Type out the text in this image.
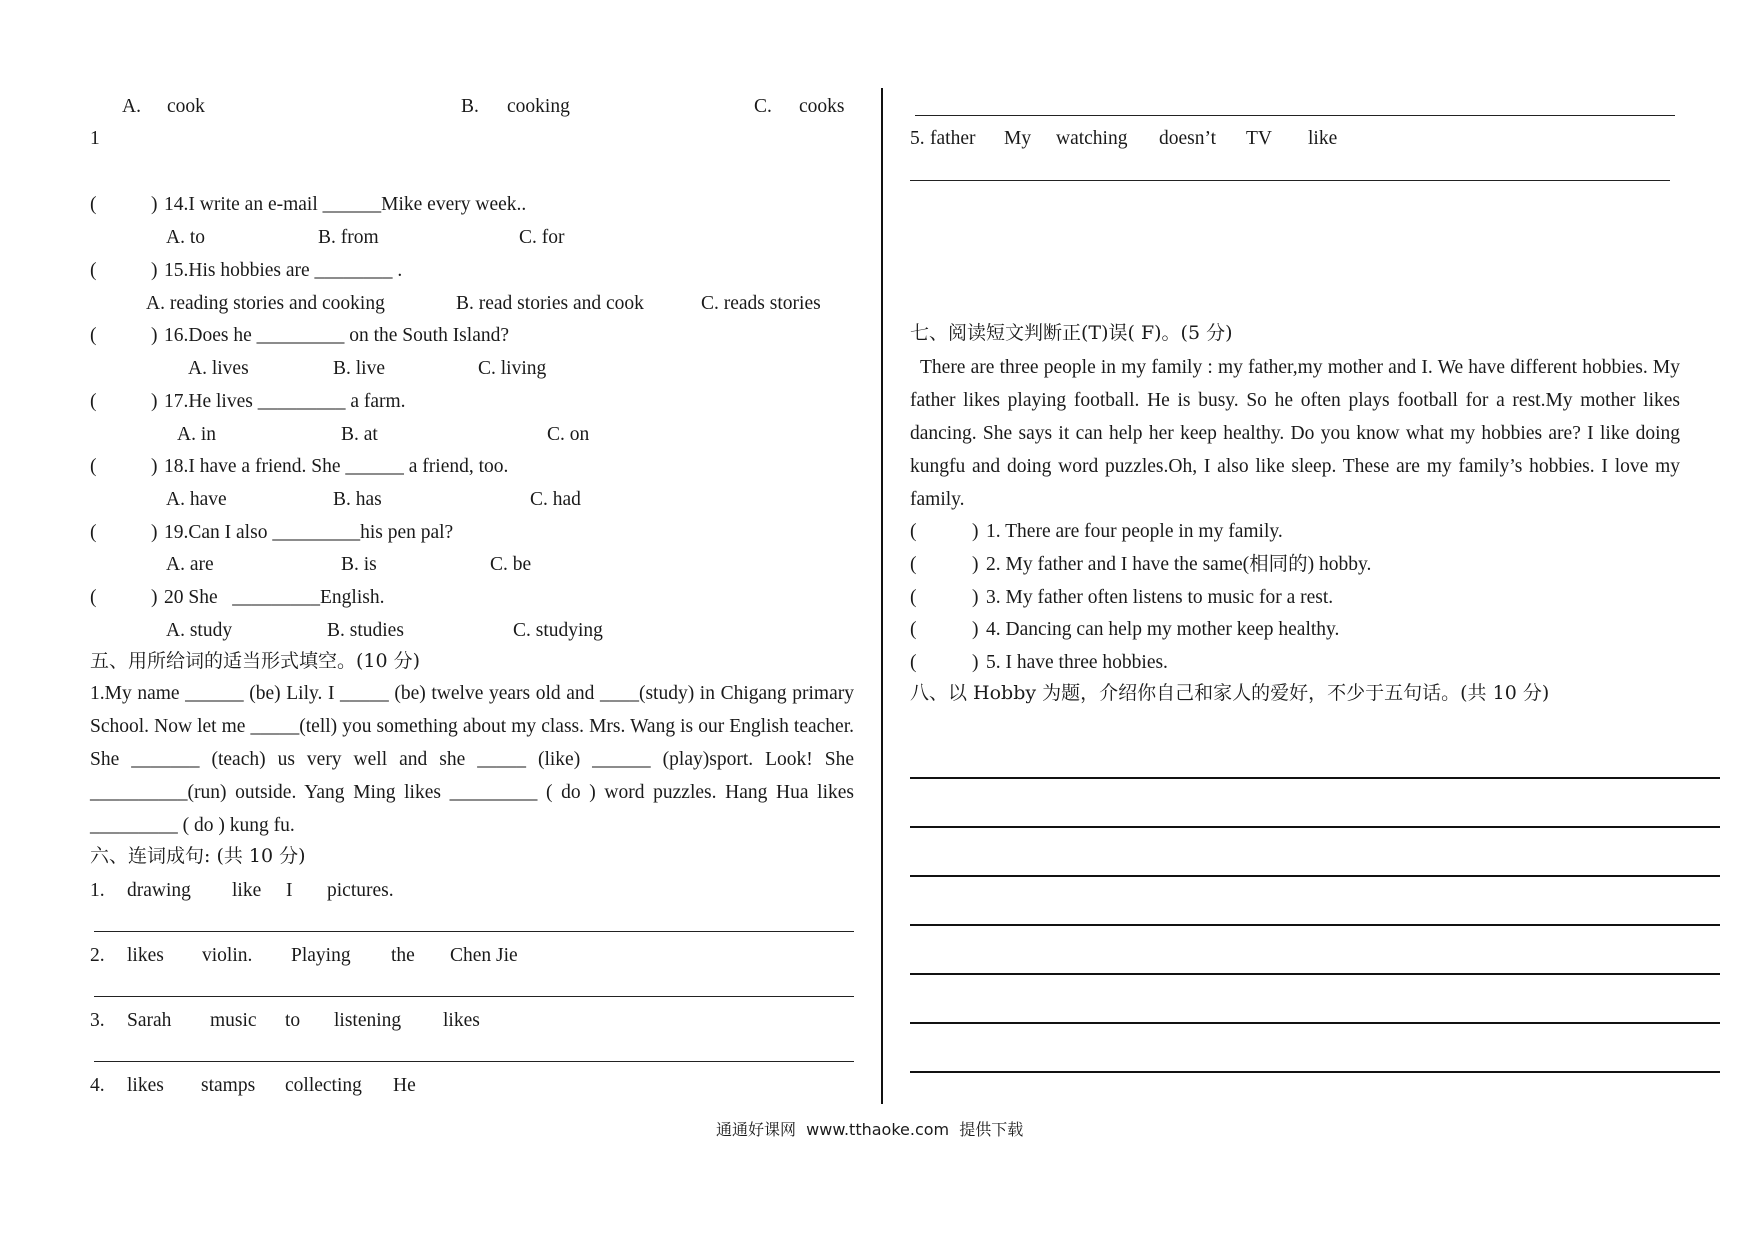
A. cook	B. cooking	C. cooks
1
(	) 14.I write an e-mail ______Mike every week..
A. to	B. from	C. for
(	) 15.His hobbies are ________ .
A. reading stories and cooking	B. read stories and cook	C. reads stories
(	) 16.Does he _________ on the South Island?
A. lives	B. live	C. living
(	) 17.He lives _________ a farm.
A. in	B. at	C. on
(	) 18.I have a friend. She ______ a friend, too.
A. have	B. has	C. had
(	) 19.Can I also _________his pen pal?
A. are	B. is	C. be
(	) 20 She   _________English.
A. study	B. studies	C. studying
五、用所给词的适当形式填空。(10 分)
1.My name ______ (be) Lily. I _____ (be) twelve years old and ____(study) in Chigang primary School. Now let me _____(tell) you something about my class. Mrs. Wang is our English teacher. She _______ (teach) us very well and she _____ (like) ______ (play)sport. Look! She __________(run) outside. Yang Ming likes _________ ( do ) word puzzles. Hang Hua likes _________ ( do ) kung fu.
六、连词成句: (共 10 分)
1. drawing like I pictures.
2. likes violin. Playing the Chen Jie
3. Sarah music to listening likes
4. likes stamps collecting He
5. father My watching doesn’t TV like
七、阅读短文判断正(T)误( F)。(5 分)
There are three people in my family : my father,my mother and I. We have different hobbies. My father likes playing football. He is busy. So he often plays football for a rest.My mother likes dancing. She says it can help her keep healthy. Do you know what my hobbies are? I like doing kungfu and doing word puzzles.Oh, I also like sleep. These are my family’s hobbies. I love my family.
(	) 1. There are four people in my family.
(	) 2. My father and I have the same(相同的) hobby.
(	) 3. My father often listens to music for a rest.
(	) 4. Dancing can help my mother keep healthy.
(	) 5. I have three hobbies.
八、以 Hobby 为题，介绍你自己和家人的爱好，不少于五句话。(共 10 分)
通通好课网  www.tthaoke.com  提供下载
